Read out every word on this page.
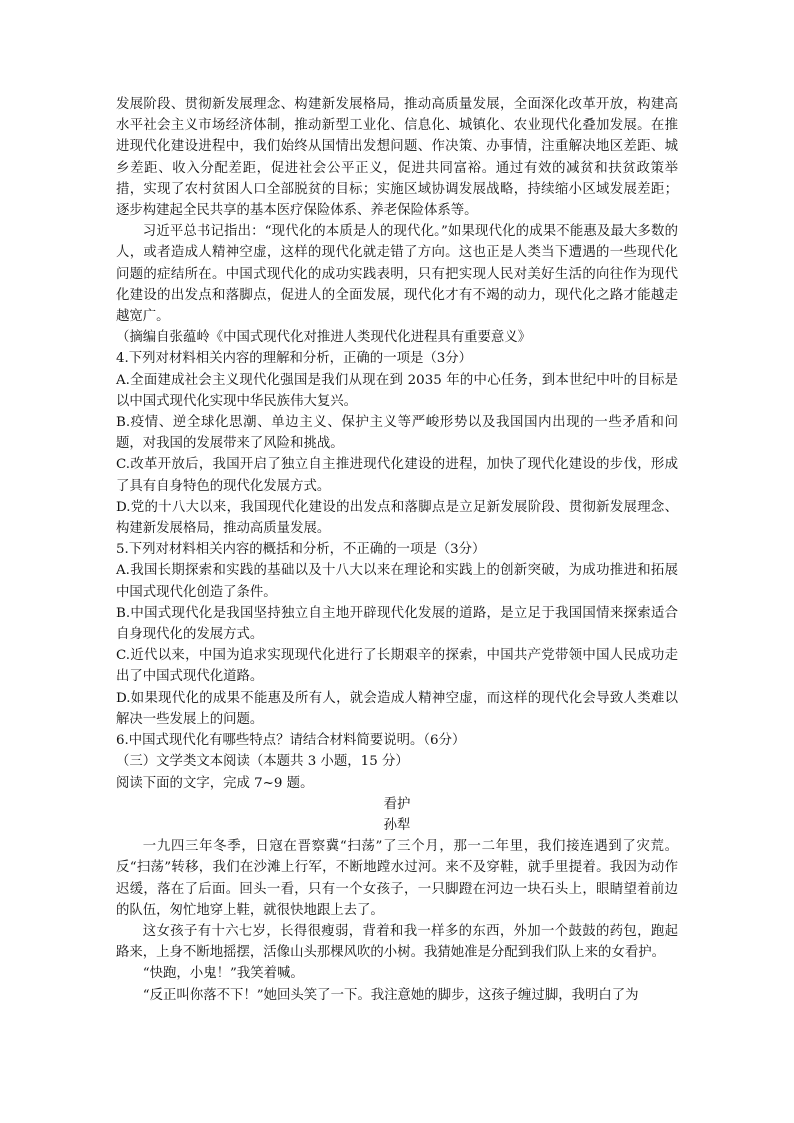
发展阶段、贯彻新发展理念、构建新发展格局，推动高质量发展，全面深化改革开放，构建高水平社会主义市场经济体制，推动新型工业化、信息化、城镇化、农业现代化叠加发展。在推进现代化建设进程中，我们始终从国情出发想问题、作决策、办事情，注重解决地区差距、城乡差距、收入分配差距，促进社会公平正义，促进共同富裕。通过有效的减贫和扶贫政策举措，实现了农村贫困人口全部脱贫的目标；实施区域协调发展战略，持续缩小区域发展差距；逐步构建起全民共享的基本医疗保险体系、养老保险体系等。

习近平总书记指出：“现代化的本质是人的现代化。”如果现代化的成果不能惠及最大多数的人，或者造成人精神空虚，这样的现代化就走错了方向。这也正是人类当下遭遇的一些现代化问题的症结所在。中国式现代化的成功实践表明，只有把实现人民对美好生活的向往作为现代化建设的出发点和落脚点，促进人的全面发展，现代化才有不竭的动力，现代化之路才能越走越宽广。

（摘编自张蕴岭《中国式现代化对推进人类现代化进程具有重要意义》

4.下列对材料相关内容的理解和分析，正确的一项是（3分）

A.全面建成社会主义现代化强国是我们从现在到 2035 年的中心任务，到本世纪中叶的目标是以中国式现代化实现中华民族伟大复兴。

B.疫情、逆全球化思潮、单边主义、保护主义等严峻形势以及我国国内出现的一些矛盾和问题，对我国的发展带来了风险和挑战。

C.改革开放后，我国开启了独立自主推进现代化建设的进程，加快了现代化建设的步伐，形成了具有自身特色的现代化发展方式。

D.党的十八大以来，我国现代化建设的出发点和落脚点是立足新发展阶段、贯彻新发展理念、构建新发展格局，推动高质量发展。

5.下列对材料相关内容的概括和分析，不正确的一项是（3分）

A.我国长期探索和实践的基础以及十八大以来在理论和实践上的创新突破，为成功推进和拓展中国式现代化创造了条件。

B.中国式现代化是我国坚持独立自主地开辟现代化发展的道路，是立足于我国国情来探索适合自身现代化的发展方式。

C.近代以来，中国为追求实现现代化进行了长期艰辛的探索，中国共产党带领中国人民成功走出了中国式现代化道路。

D.如果现代化的成果不能惠及所有人，就会造成人精神空虚，而这样的现代化会导致人类难以解决一些发展上的问题。

6.中国式现代化有哪些特点？请结合材料简要说明。（6分）

（三）文学类文本阅读（本题共 3 小题，15 分）

阅读下面的文字，完成 7~9 题。

看护

孙犁

一九四三年冬季，日寇在晋察冀“扫荡”了三个月，那一二年里，我们接连遇到了灾荒。反“扫荡”转移，我们在沙滩上行军，不断地蹚水过河。来不及穿鞋，就手里提着。我因为动作迟缓，落在了后面。回头一看，只有一个女孩子，一只脚蹬在河边一块石头上，眼睛望着前边的队伍，匆忙地穿上鞋，就很快地跟上去了。

这女孩子有十六七岁，长得很瘦弱，背着和我一样多的东西，外加一个鼓鼓的药包，跑起路来，上身不断地摇摆，活像山头那棵风吹的小树。我猜她准是分配到我们队上来的女看护。

“快跑，小鬼！”我笑着喊。

“反正叫你落不下！”她回头笑了一下。我注意她的脚步，这孩子缠过脚，我明白了为
